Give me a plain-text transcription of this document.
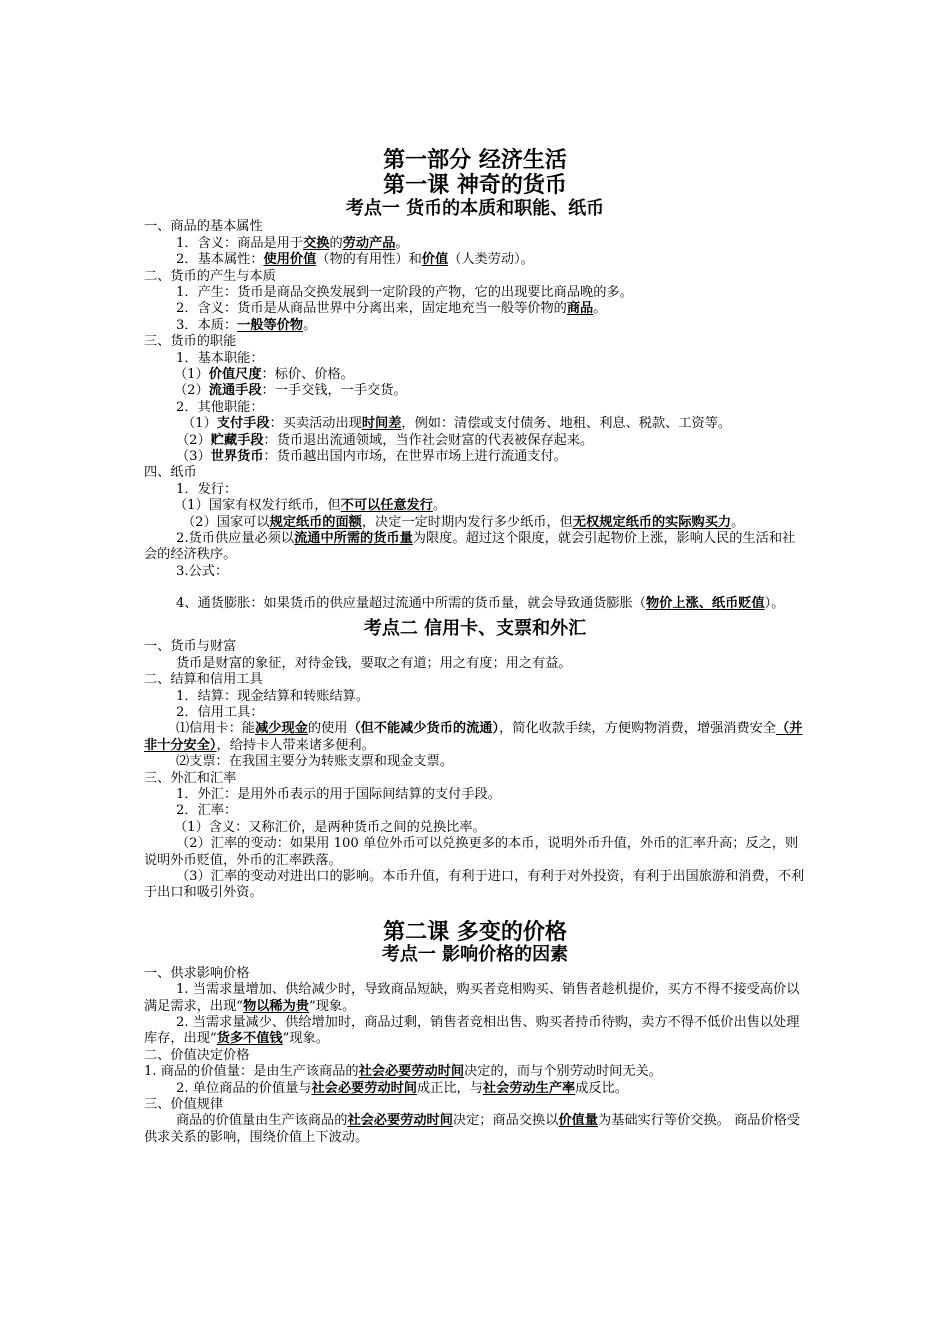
第一部分 经济生活

第一课 神奇的货币

考点一 货币的本质和职能、纸币

一、商品的基本属性

1．含义：商品是用于交换的劳动产品。

2．基本属性：使用价值（物的有用性）和价值（人类劳动）。

二、货币的产生与本质

1．产生：货币是商品交换发展到一定阶段的产物，它的出现要比商品晚的多。

2．含义：货币是从商品世界中分离出来，固定地充当一般等价物的商品。

3．本质：一般等价物。

三、货币的职能

1．基本职能：

（1）价值尺度：标价、价格。

（2）流通手段：一手交钱，一手交货。

2．其他职能：

（1）支付手段：买卖活动出现时间差，例如：清偿或支付债务、地租、利息、税款、工资等。

（2）贮藏手段：货币退出流通领域，当作社会财富的代表被保存起来。

（3）世界货币：货币越出国内市场，在世界市场上进行流通支付。

四、纸币

1．发行：

（1）国家有权发行纸币，但不可以任意发行。

（2）国家可以规定纸币的面额，决定一定时期内发行多少纸币，但无权规定纸币的实际购买力。

2.货币供应量必须以流通中所需的货币量为限度。超过这个限度，就会引起物价上涨，影响人民的生活和社会的经济秩序。

3.公式：

4、通货膨胀：如果货币的供应量超过流通中所需的货币量，就会导致通货膨胀（物价上涨、纸币贬值）。

考点二 信用卡、支票和外汇

一、货币与财富

货币是财富的象征，对待金钱，要取之有道；用之有度；用之有益。

二、结算和信用工具

1．结算：现金结算和转账结算。

2．信用工具：

⑴信用卡：能减少现金的使用（但不能减少货币的流通），简化收款手续，方便购物消费，增强消费安全（并非十分安全），给持卡人带来诸多便利。

⑵支票：在我国主要分为转账支票和现金支票。

三、外汇和汇率

1．外汇：是用外币表示的用于国际间结算的支付手段。

2．汇率：

（1）含义：又称汇价，是两种货币之间的兑换比率。

（2）汇率的变动：如果用 100 单位外币可以兑换更多的本币，说明外币升值，外币的汇率升高；反之，则说明外币贬值，外币的汇率跌落。

（3）汇率的变动对进出口的影响。本币升值，有利于进口，有利于对外投资，有利于出国旅游和消费，不利于出口和吸引外资。

第二课 多变的价格

考点一 影响价格的因素

一、供求影响价格

1. 当需求量增加、供给减少时，导致商品短缺，购买者竞相购买、销售者趁机提价，买方不得不接受高价以满足需求，出现“物以稀为贵”现象。

2. 当需求量减少、供给增加时，商品过剩，销售者竞相出售、购买者持币待购，卖方不得不低价出售以处理库存，出现“货多不值钱”现象。

二、价值决定价格

1. 商品的价值量：是由生产该商品的社会必要劳动时间决定的，而与个别劳动时间无关。

2. 单位商品的价值量与社会必要劳动时间成正比，与社会劳动生产率成反比。

三、价值规律

商品的价值量由生产该商品的社会必要劳动时间决定；商品交换以价值量为基础实行等价交换。 商品价格受供求关系的影响，围绕价值上下波动。
